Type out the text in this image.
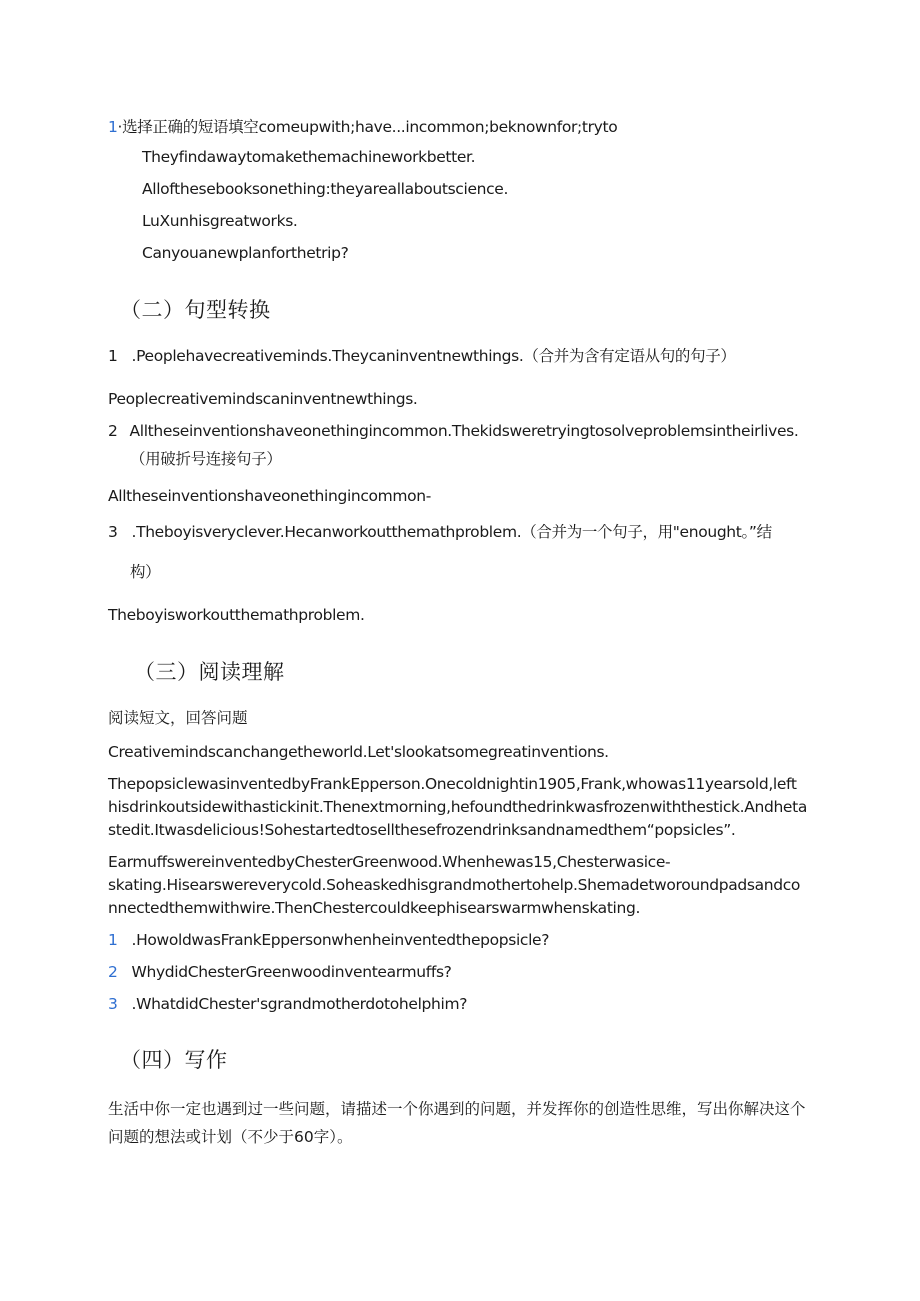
1·选择正确的短语填空comeupwith;have...incommon;beknownfor;tryto
Theyfindawaytomakethemachineworkbetter.
Allofthesebooksonething:theyareallaboutscience.
LuXunhisgreatworks.
Canyouanewplanforthetrip?
（二）句型转换
1 .Peoplehavecreativeminds.Theycaninventnewthings.（合并为含有定语从句的句子）
Peoplecreativemindscaninventnewthings.
2 Alltheseinventionshaveonethingincommon.Thekidsweretryingtosolveproblemsintheirlives.
（用破折号连接句子）
Alltheseinventionshaveonethingincommon-
3 .Theboyisveryclever.Hecanworkoutthemathproblem.（合并为一个句子，用"enought。”结
构）
Theboyisworkoutthemathproblem.
（三）阅读理解
阅读短文，回答问题
Creativemindscanchangetheworld.Let'slookatsomegreatinventions.
ThepopsiclewasinventedbyFrankEpperson.Onecoldnightin1905,Frank,whowas11yearsold,left
hisdrinkoutsidewithastickinit.Thenextmorning,hefoundthedrinkwasfrozenwiththestick.Andheta
stedit.Itwasdelicious!Sohestartedtosellthesefrozendrinksandnamedthem“popsicles”.
EarmuffswereinventedbyChesterGreenwood.Whenhewas15,Chesterwasice-
skating.Hisearswereverycold.Soheaskedhisgrandmothertohelp.Shemadetworoundpadsandco
nnectedthemwithwire.ThenChestercouldkeephisearswarmwhenskating.
1 .HowoldwasFrankEppersonwhenheinventedthepopsicle?
2 WhydidChesterGreenwoodinventearmuffs?
3 .WhatdidChester'sgrandmotherdotohelphim?
（四）写作
生活中你一定也遇到过一些问题，请描述一个你遇到的问题，并发挥你的创造性思维，写出你解决这个
问题的想法或计划（不少于60字）。
